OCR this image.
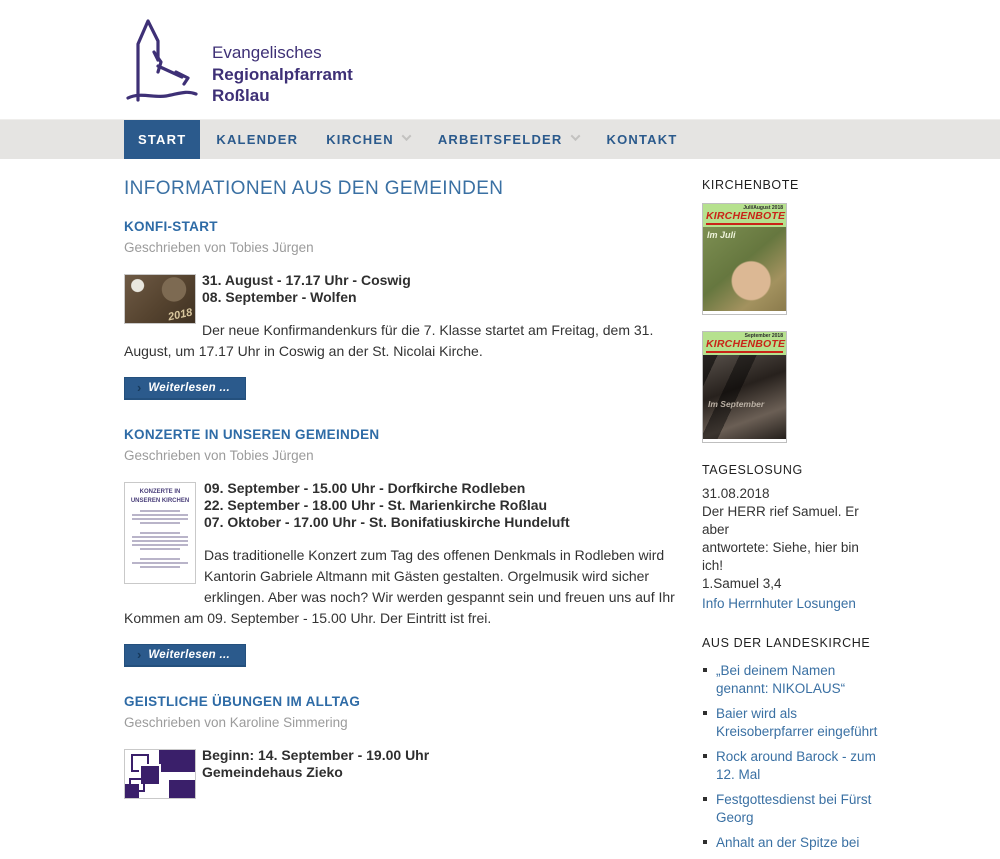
Evangelisches
Regionalpfarramt
Roßlau
START	KALENDER	KIRCHEN	ARBEITSFELDER	KONTAKT
INFORMATIONEN AUS DEN GEMEINDEN
KONFI-START
Geschrieben von Tobies Jürgen
2018
31. August - 17.17 Uhr - Coswig
08. September - Wolfen

Der neue Konfirmandenkurs für die 7. Klasse startet am Freitag, dem 31. August, um 17.17 Uhr in Coswig an der St. Nicolai Kirche.

› Weiterlesen ...
KONZERTE IN UNSEREN GEMEINDEN
Geschrieben von Tobies Jürgen
KONZERTE IN UNSEREN KIRCHEN
09. September - 15.00 Uhr - Dorfkirche Rodleben
22. September - 18.00 Uhr - St. Marienkirche Roßlau
07. Oktober - 17.00 Uhr - St. Bonifatiuskirche Hundeluft

Das traditionelle Konzert zum Tag des offenen Denkmals in Rodleben wird Kantorin Gabriele Altmann mit Gästen gestalten. Orgelmusik wird sicher erklingen. Aber was noch? Wir werden gespannt sein und freuen uns auf Ihr Kommen am 09. September - 15.00 Uhr. Der Eintritt ist frei.

› Weiterlesen ...
GEISTLICHE ÜBUNGEN IM ALLTAG
Geschrieben von Karoline Simmering
Beginn: 14. September - 19.00 Uhr
Gemeindehaus Zieko
KIRCHENBOTE
Juli/August 2018
KIRCHENBOTE
Im Juli
September 2018
KIRCHENBOTE
Im September
TAGESLOSUNG
31.08.2018
Der HERR rief Samuel. Er aber
antwortete: Siehe, hier bin ich!
1.Samuel 3,4
Info Herrnhuter Losungen
AUS DER LANDESKIRCHE
„Bei deinem Namen genannt: NIKOLAUS“
Baier wird als Kreisoberpfarrer eingeführt
Rock around Barock - zum 12. Mal
Festgottesdienst bei Fürst Georg
Anhalt an der Spitze bei
